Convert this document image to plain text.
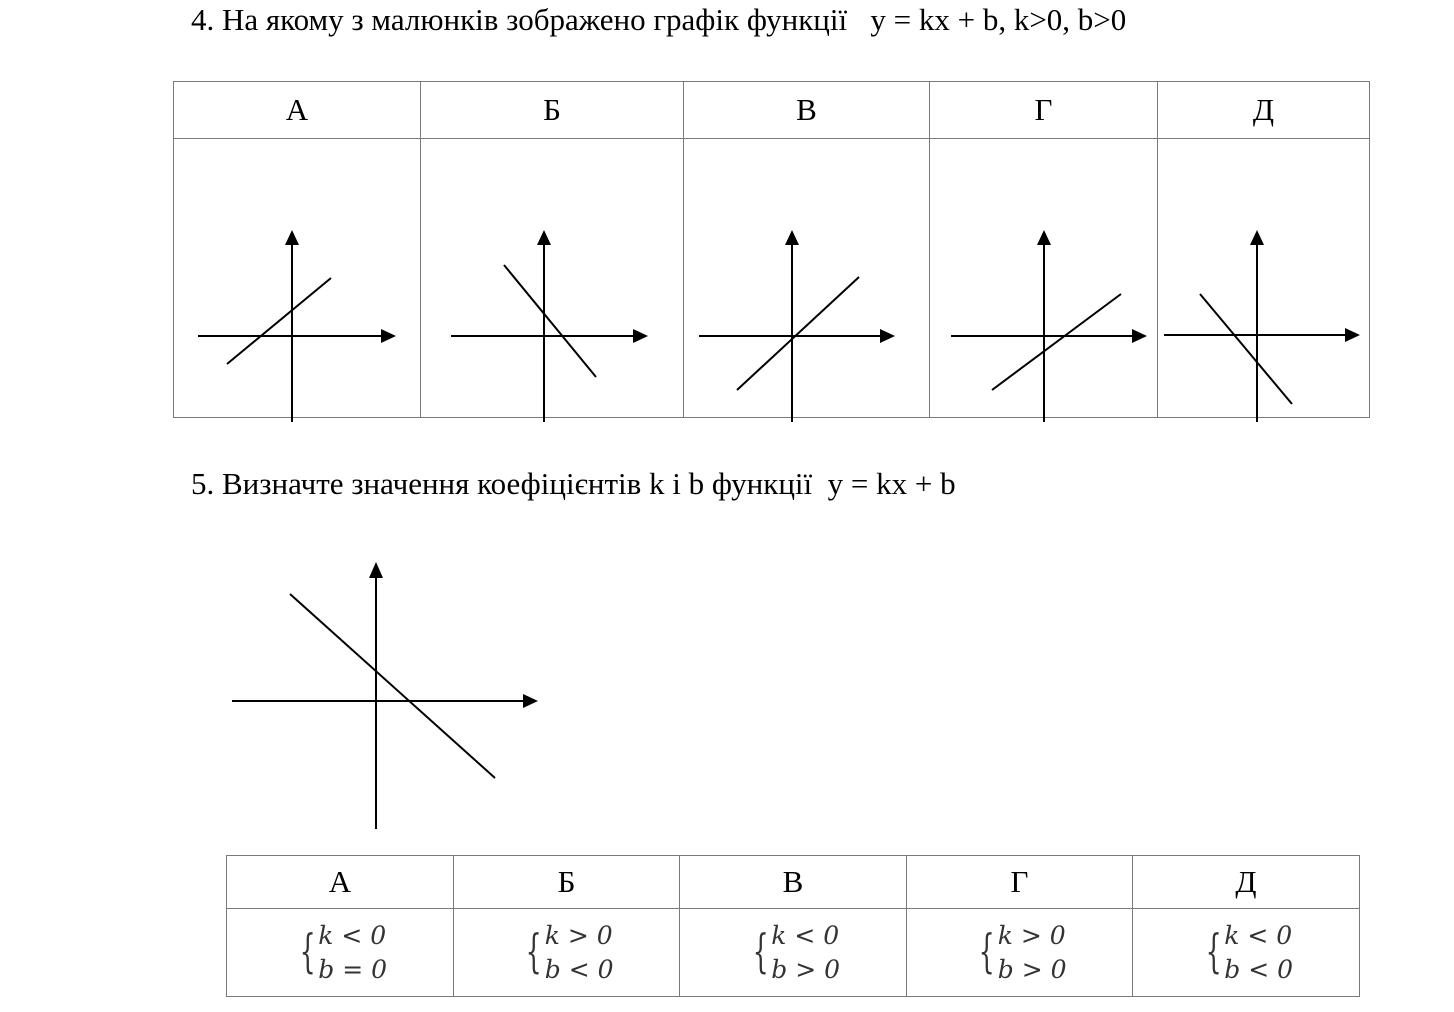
4. На якому з малюнків зображено графік функції   y = kx + b, k>0, b>0
А	Б	В	Г	Д

5. Визначте значення коефіцієнтів k і b функції  y = kx + b
А	Б	В	Г	Д

{ k < 0
b = 0	{ k > 0
b < 0	{ k < 0
b > 0	{ k > 0
b > 0	{ k < 0
b < 0
